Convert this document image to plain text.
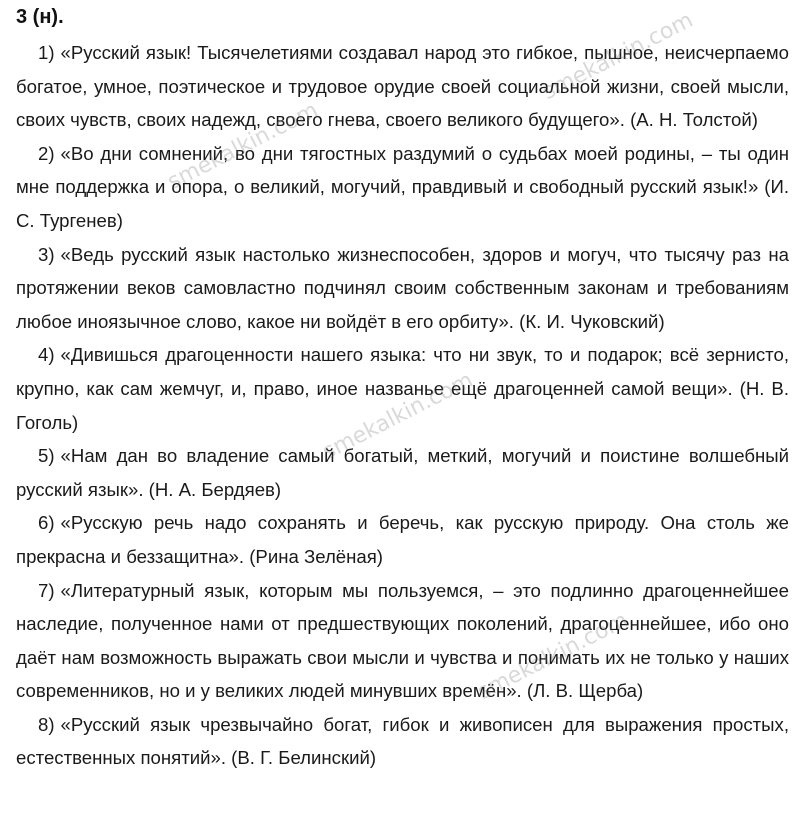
3 (н).

1) «Русский язык! Тысячелетиями создавал народ это гибкое, пышное, неисчерпаемо богатое, умное, поэтическое и трудовое орудие своей социальной жизни, своей мысли, своих чувств, своих надежд, своего гнева, своего великого будущего». (А. Н. Толстой)

2) «Во дни сомнений, во дни тягостных раздумий о судьбах моей родины, – ты один мне поддержка и опора, о великий, могучий, правдивый и свободный русский язык!» (И. С. Тургенев)

3) «Ведь русский язык настолько жизнеспособен, здоров и могуч, что тысячу раз на протяжении веков самовластно подчинял своим собственным законам и требованиям любое иноязычное слово, какое ни войдёт в его орбиту». (К. И. Чуковский)

4) «Дивишься драгоценности нашего языка: что ни звук, то и подарок; всё зернисто, крупно, как сам жемчуг, и, право, иное названье ещё драгоценней самой вещи». (Н. В. Гоголь)

5) «Нам дан во владение самый богатый, меткий, могучий и поистине волшебный русский язык». (Н. А. Бердяев)

6) «Русскую речь надо сохранять и беречь, как русскую природу. Она столь же прекрасна и беззащитна». (Рина Зелёная)

7) «Литературный язык, которым мы пользуемся, – это подлинно драгоценнейшее наследие, полученное нами от предшествующих поколений, драгоценнейшее, ибо оно даёт нам возможность выражать свои мысли и чувства и понимать их не только у наших современников, но и у великих людей минувших времён». (Л. В. Щерба)

8) «Русский язык чрезвычайно богат, гибок и живописен для выражения простых, естественных понятий». (В. Г. Белинский)

smekalkin.com
smekalkin.com
smekalkin.com
smekalkin.com
